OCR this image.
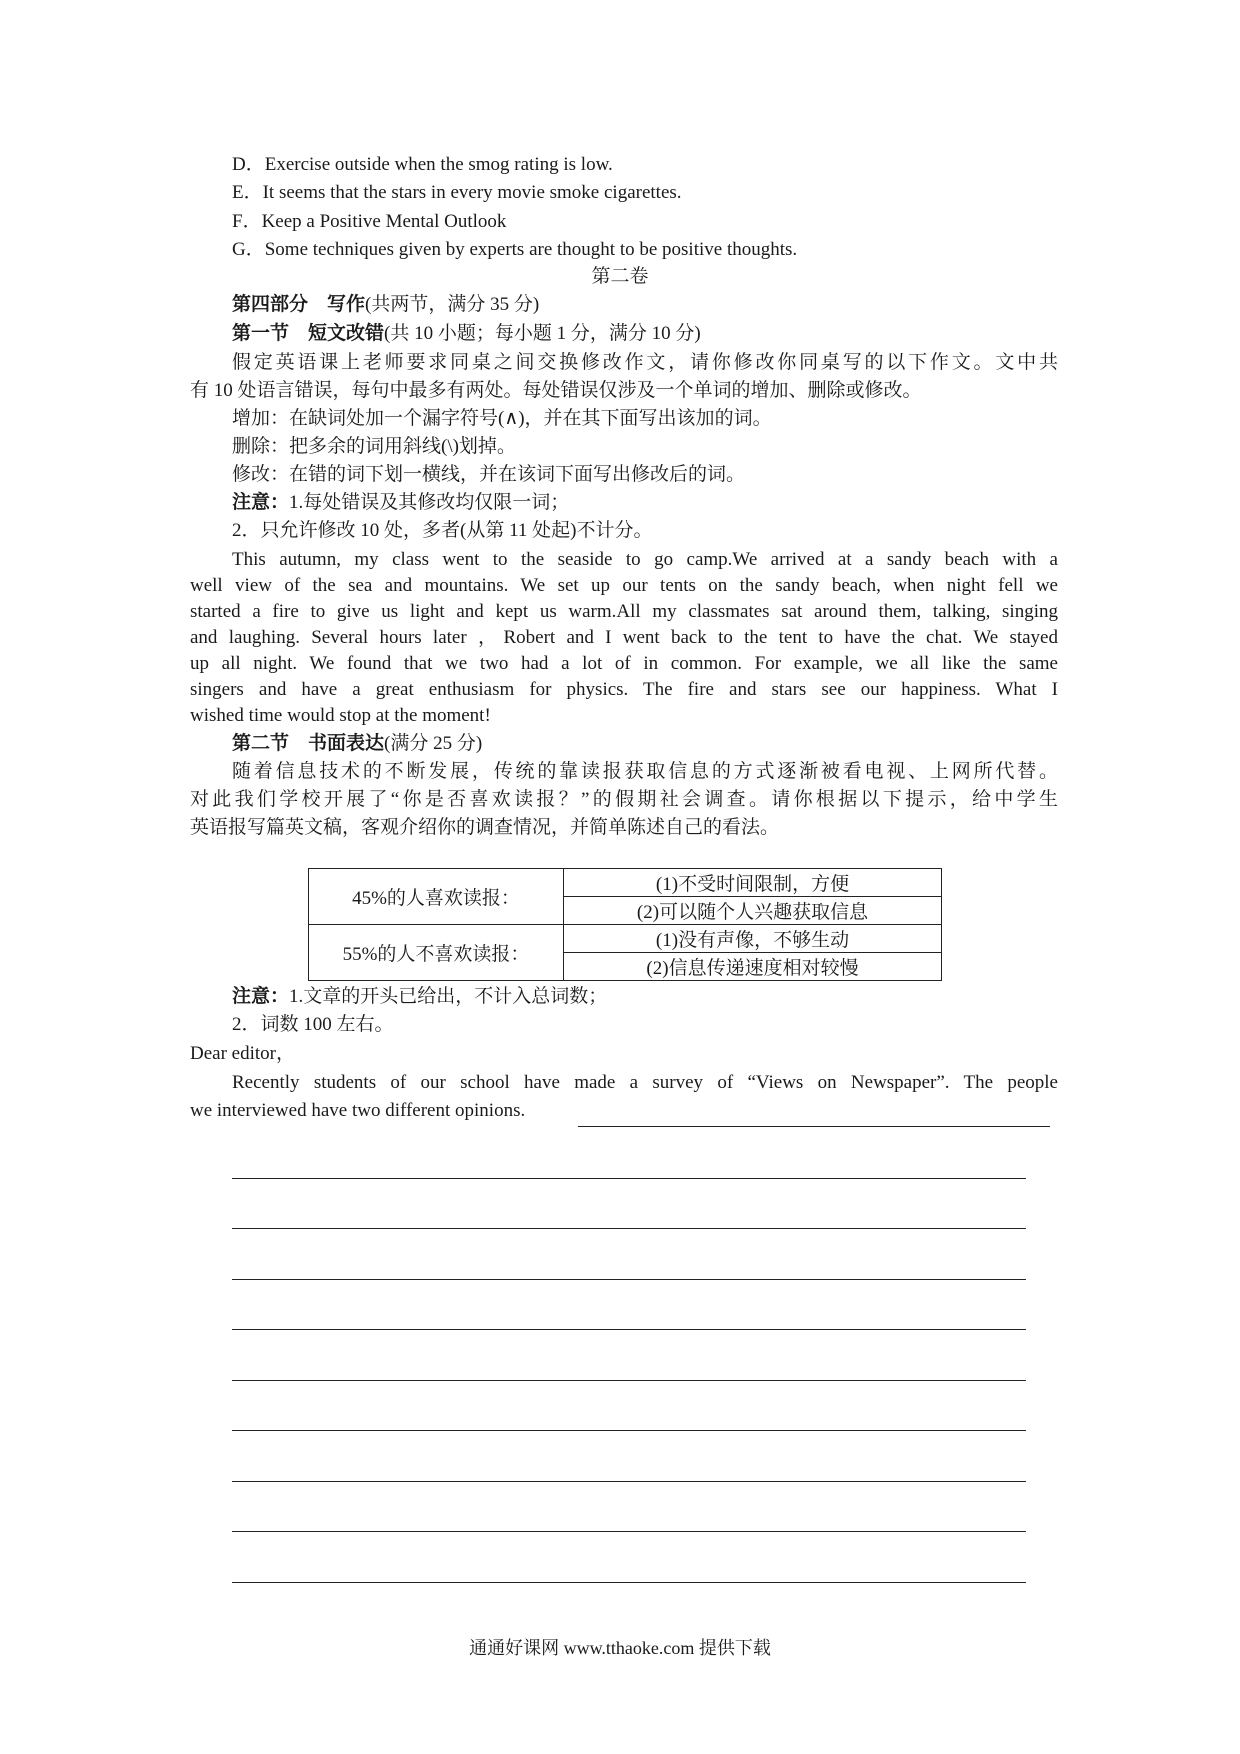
D．Exercise outside when the smog rating is low.
E．It seems that the stars in every movie smoke cigarettes.
F．Keep a Positive Mental Outlook
G．Some techniques given by experts are thought to be positive thoughts.
第二卷
第四部分　写作(共两节，满分 35 分)
第一节　短文改错(共 10 小题；每小题 1 分，满分 10 分)
假定英语课上老师要求同桌之间交换修改作文，请你修改你同桌写的以下作文。文中共
有 10 处语言错误，每句中最多有两处。每处错误仅涉及一个单词的增加、删除或修改。
增加：在缺词处加一个漏字符号(∧)，并在其下面写出该加的词。
删除：把多余的词用斜线(\)划掉。
修改：在错的词下划一横线，并在该词下面写出修改后的词。
注意：1.每处错误及其修改均仅限一词；
2．只允许修改 10 处，多者(从第 11 处起)不计分。
This autumn, my class went to the seaside to go camp.We arrived at a sandy beach with a
well view of the sea and mountains. We set up our tents on the sandy beach, when night fell we
started a fire to give us light and kept us warm.All my classmates sat around them, talking, singing
and laughing. Several hours later ，Robert and I went back to the tent to have the chat. We stayed
up all night. We found that we two had a lot of in common. For example, we all like the same
singers and have a great enthusiasm for physics. The fire and stars see our happiness. What I
wished time would stop at the moment!
第二节　书面表达(满分 25 分)
随着信息技术的不断发展，传统的靠读报获取信息的方式逐渐被看电视、上网所代替。
对此我们学校开展了“你是否喜欢读报？”的假期社会调查。请你根据以下提示，给中学生
英语报写篇英文稿，客观介绍你的调查情况，并简单陈述自己的看法。
45%的人喜欢读报：	(1)不受时间限制，方便
	(2)可以随个人兴趣获取信息
55%的人不喜欢读报：	(1)没有声像，不够生动
	(2)信息传递速度相对较慢
注意：1.文章的开头已给出，不计入总词数；
2．词数 100 左右。
Dear editor，
Recently students of our school have made a survey of “Views on Newspaper”. The people
we interviewed have two different opinions.
通通好课网 www.tthaoke.com 提供下载
